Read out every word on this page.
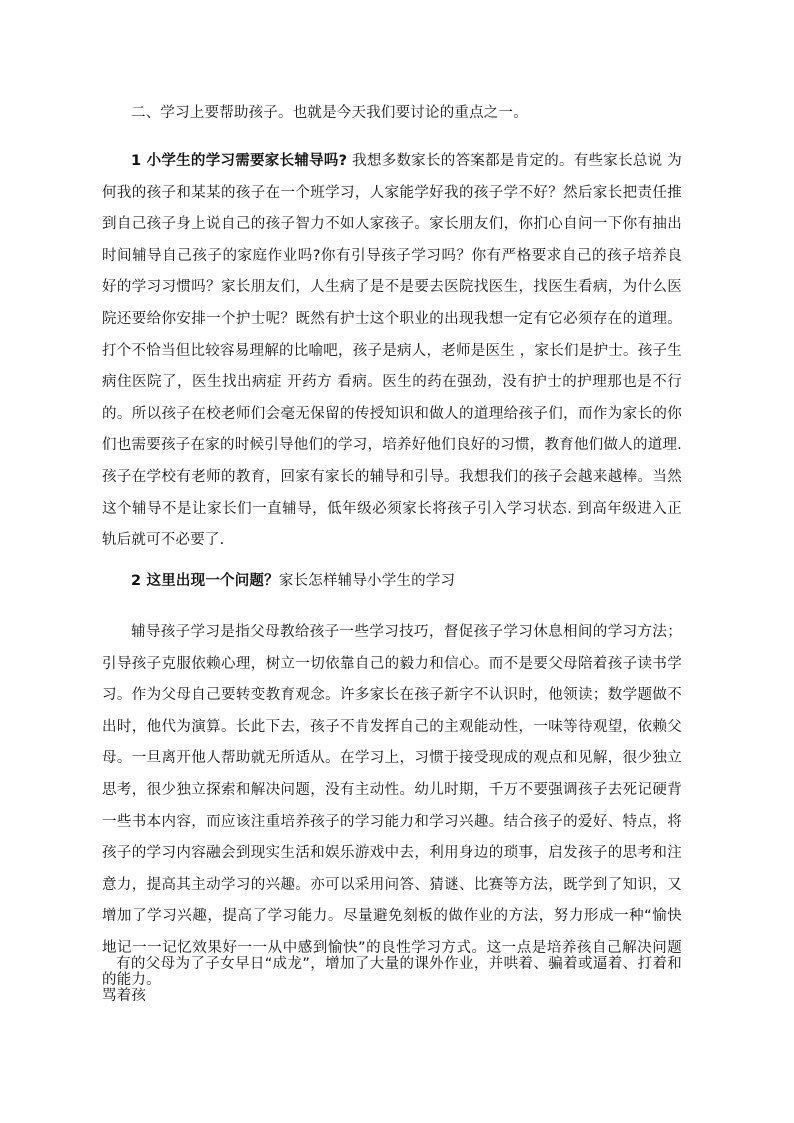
二、学习上要帮助孩子。也就是今天我们要讨论的重点之一。

1 小学生的学习需要家长辅导吗? 我想多数家长的答案都是肯定的。有些家长总说 为何我的孩子和某某的孩子在一个班学习，人家能学好我的孩子学不好？然后家长把责任推到自己孩子身上说自己的孩子智力不如人家孩子。家长朋友们，你扪心自问一下你有抽出时间辅导自己孩子的家庭作业吗?你有引导孩子学习吗？你有严格要求自己的孩子培养良好的学习习惯吗？家长朋友们，人生病了是不是要去医院找医生，找医生看病，为什么医院还要给你安排一个护士呢？既然有护士这个职业的出现我想一定有它必须存在的道理。打个不恰当但比较容易理解的比喻吧，孩子是病人，老师是医生 ，家长们是护士。孩子生病住医院了，医生找出病症 开药方 看病。医生的药在强劲，没有护士的护理那也是不行的。所以孩子在校老师们会毫无保留的传授知识和做人的道理给孩子们，而作为家长的你们也需要孩子在家的时候引导他们的学习，培养好他们良好的习惯，教育他们做人的道理. 孩子在学校有老师的教育，回家有家长的辅导和引导。我想我们的孩子会越来越棒。当然这个辅导不是让家长们一直辅导，低年级必须家长将孩子引入学习状态. 到高年级进入正轨后就可不必要了.

2 这里出现一个问题？家长怎样辅导小学生的学习

辅导孩子学习是指父母教给孩子一些学习技巧，督促孩子学习休息相间的学习方法；引导孩子克服依赖心理，树立一切依靠自己的毅力和信心。而不是要父母陪着孩子读书学习。作为父母自己要转变教育观念。许多家长在孩子新字不认识时，他领读；数学题做不出时，他代为演算。长此下去，孩子不肯发挥自己的主观能动性，一味等待观望，依赖父母。一旦离开他人帮助就无所适从。在学习上，习惯于接受现成的观点和见解，很少独立思考，很少独立探索和解决问题，没有主动性。幼儿时期，千万不要强调孩子去死记硬背一些书本内容，而应该注重培养孩子的学习能力和学习兴趣。结合孩子的爱好、特点，将孩子的学习内容融会到现实生活和娱乐游戏中去，利用身边的琐事，启发孩子的思考和注意力，提高其主动学习的兴趣。亦可以采用问答、猜谜、比赛等方法，既学到了知识，又增加了学习兴趣，提高了学习能力。尽量避免刻板的做作业的方法，努力形成一种“愉快地记一一记忆效果好一一从中感到愉快”的良性学习方式。这一点是培养孩自己解决问题的能力。

有的父母为了子女早日“成龙”，增加了大量的课外作业，并哄着、骗着或逼着、打着和骂着孩
